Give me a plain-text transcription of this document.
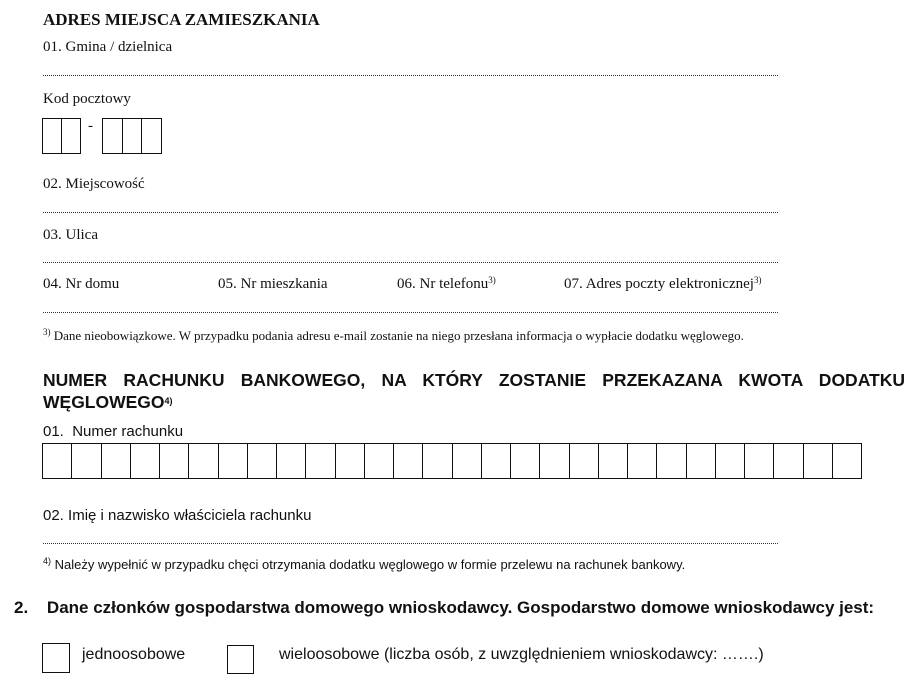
ADRES MIEJSCA ZAMIESZKANIA
01. Gmina / dzielnica
Kod pocztowy
-
02. Miejscowość
03. Ulica
04. Nr domu	05. Nr mieszkania	06. Nr telefonu$^{3)}$	07. Adres poczty elektronicznej$^{3)}$
$^{3)}$ Dane nieobowiązkowe. W przypadku podania adresu e-mail zostanie na niego przesłana informacja o wypłacie dodatku węglowego.
NUMER RACHUNKU BANKOWEGO, NA KTÓRY ZOSTANIE PRZEKAZANA KWOTA DODATKU
WĘGLOWEGO$^{4)}$
01. Numer rachunku
02. Imię i nazwisko właściciela rachunku
$^{4)}$ Należy wypełnić w przypadku chęci otrzymania dodatku węglowego w formie przelewu na rachunek bankowy.
2. Dane członków gospodarstwa domowego wnioskodawcy. Gospodarstwo domowe wnioskodawcy jest:
jednoosobowe	wieloosobowe (liczba osób, z uwzględnieniem wnioskodawcy: …….)
